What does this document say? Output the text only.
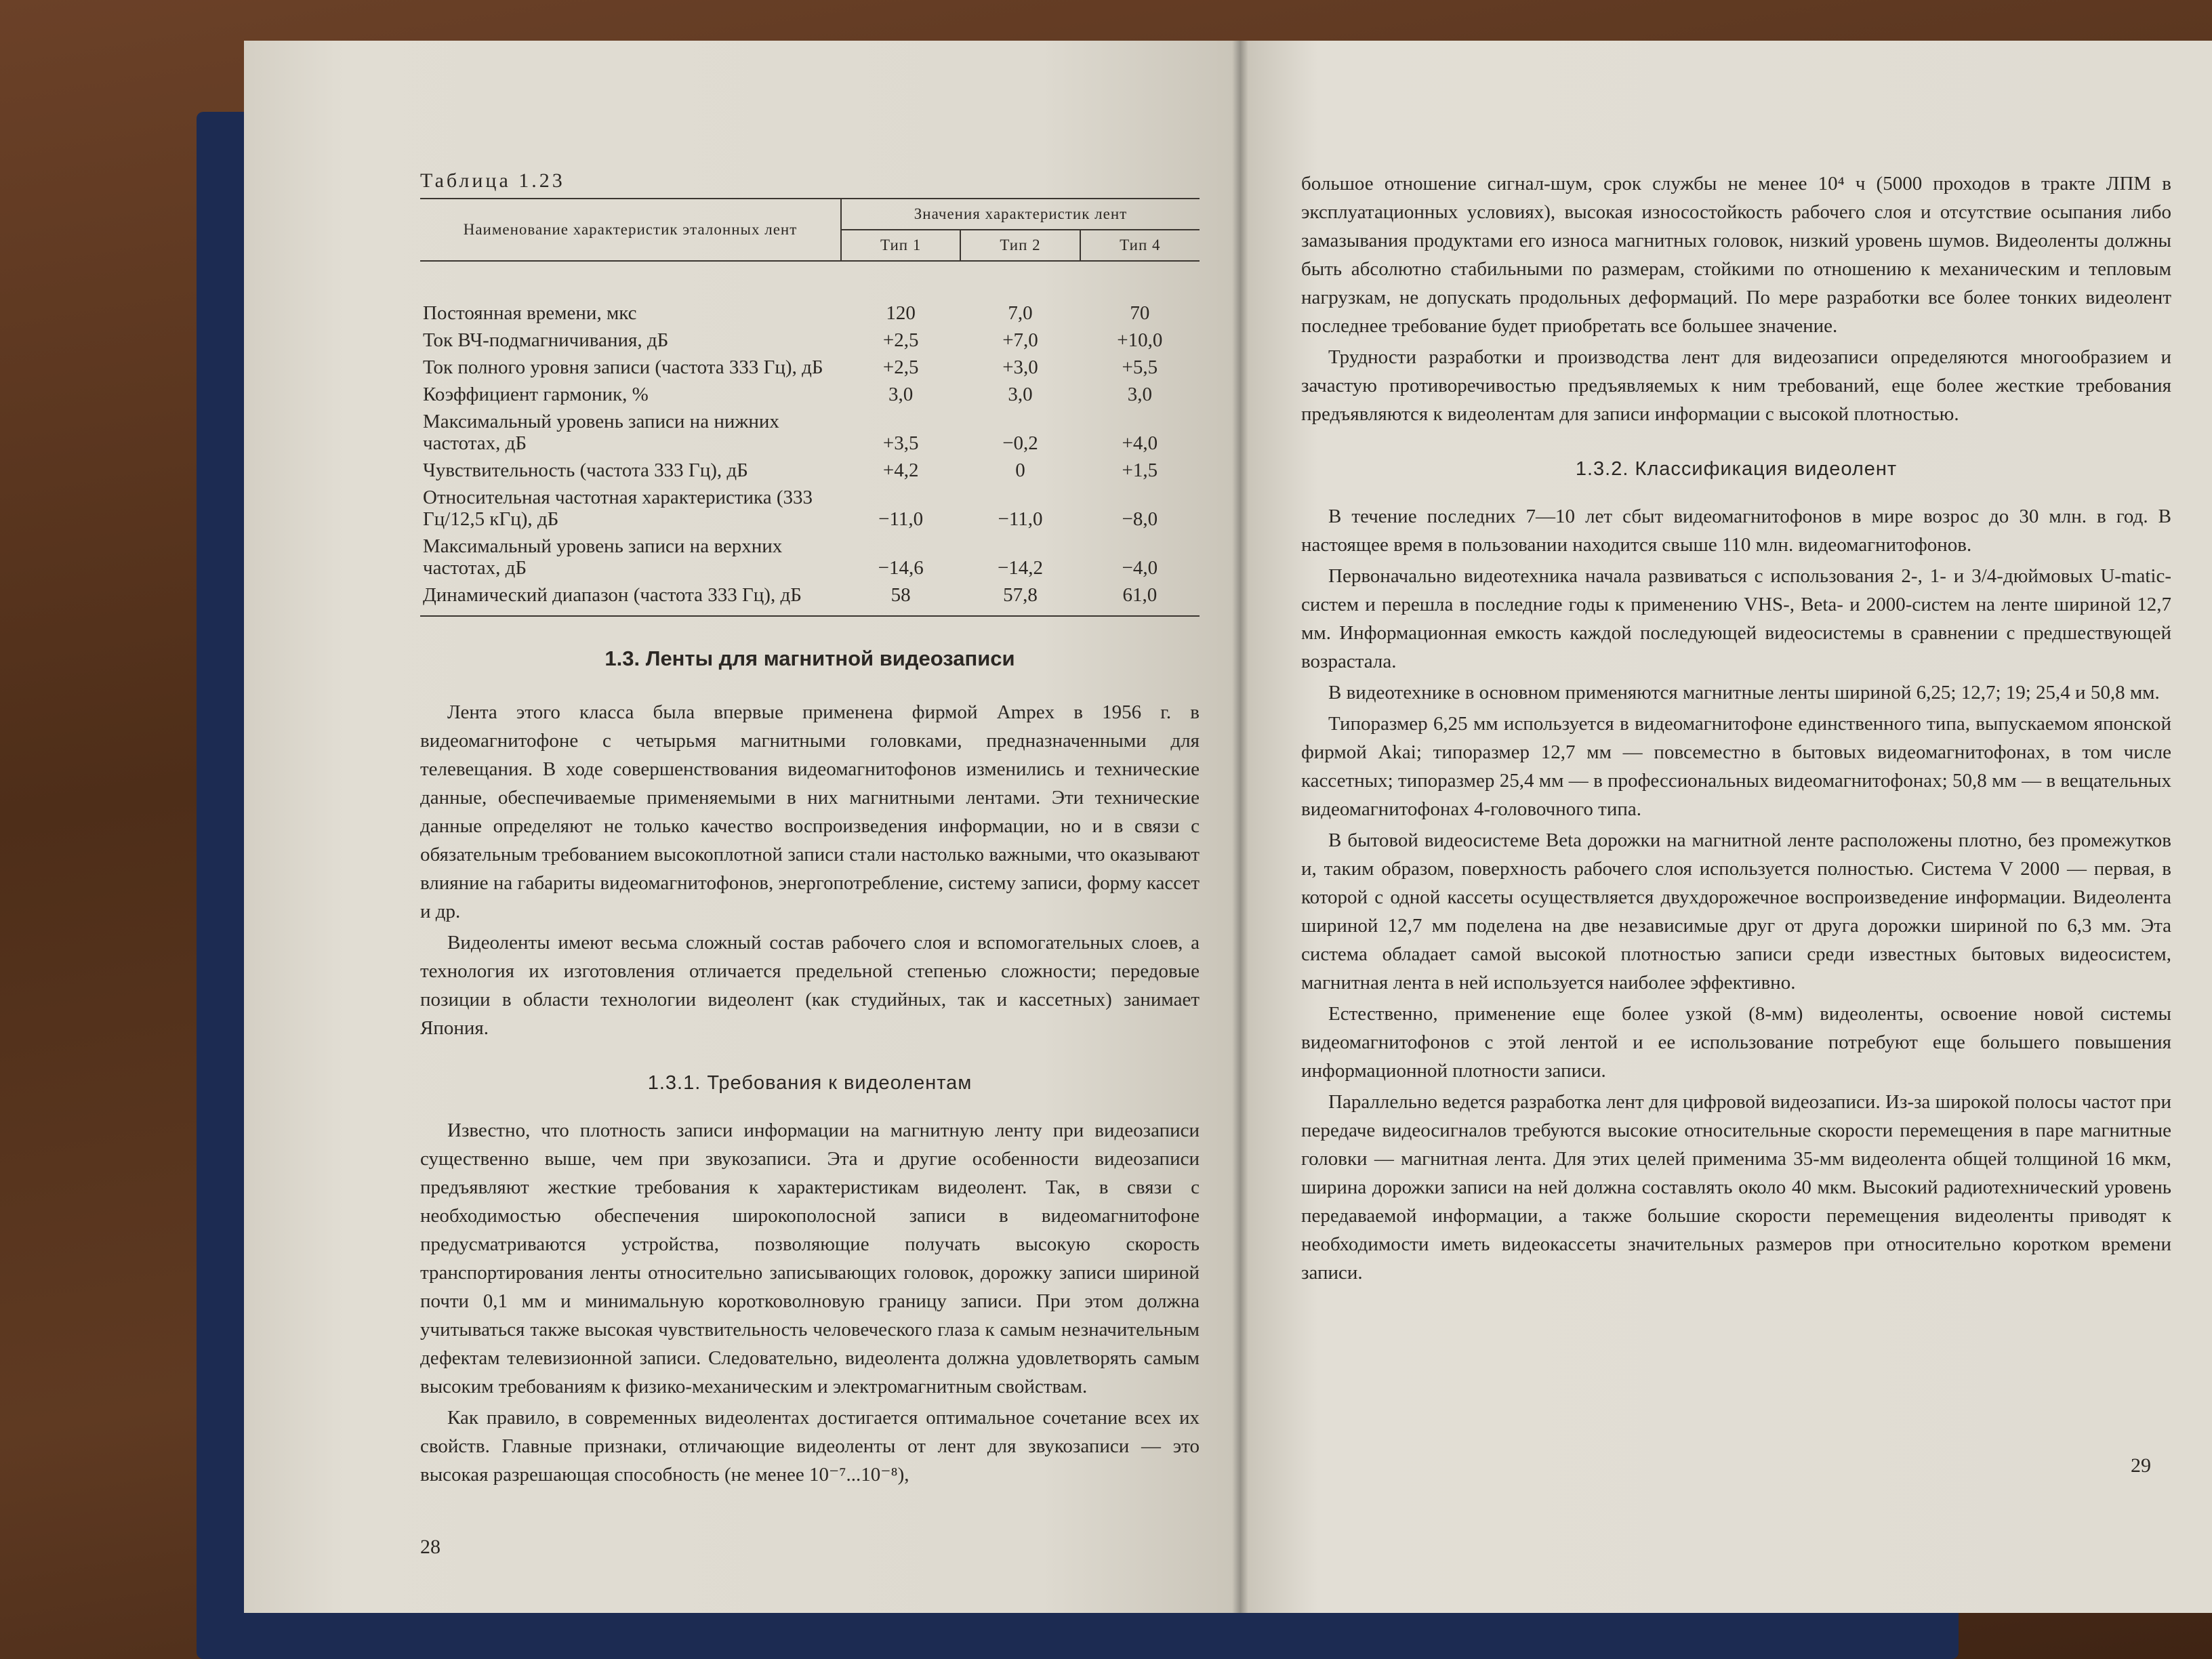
Таблица 1.23
Наименование характеристик эталонных лент	Значения характеристик лент		
	Тип 1	Тип 2	Тип 4
Постоянная времени, мкс	120	7,0	70
Ток ВЧ-подмагничивания, дБ	+2,5	+7,0	+10,0
Ток полного уровня записи (частота 333 Гц), дБ	+2,5	+3,0	+5,5
Коэффициент гармоник, %	3,0	3,0	3,0
Максимальный уровень записи на нижних частотах, дБ	+3,5	−0,2	+4,0
Чувствительность (частота 333 Гц), дБ	+4,2	0	+1,5
Относительная частотная характеристика (333 Гц/12,5 кГц), дБ	−11,0	−11,0	−8,0
Максимальный уровень записи на верхних частотах, дБ	−14,6	−14,2	−4,0
Динамический диапазон (частота 333 Гц), дБ	58	57,8	61,0
1.3. Ленты для магнитной видеозаписи

Лента этого класса была впервые применена фирмой Ampex в 1956 г. в видеомагнитофоне с четырьмя магнитными головками, предназначенными для телевещания. В ходе совершенствования видеомагнитофонов изменились и технические данные, обеспечиваемые применяемыми в них магнитными лентами. Эти технические данные определяют не только качество воспроизведения информации, но и в связи с обязательным требованием высокоплотной записи стали настолько важными, что оказывают влияние на габариты видеомагнитофонов, энергопотребление, систему записи, форму кассет и др.

Видеоленты имеют весьма сложный состав рабочего слоя и вспомогательных слоев, а технология их изготовления отличается предельной степенью сложности; передовые позиции в области технологии видеолент (как студийных, так и кассетных) занимает Япония.

1.3.1. Требования к видеолентам

Известно, что плотность записи информации на магнитную ленту при видеозаписи существенно выше, чем при звукозаписи. Эта и другие особенности видеозаписи предъявляют жесткие требования к характеристикам видеолент. Так, в связи с необходимостью обеспечения широкополосной записи в видеомагнитофоне предусматриваются устройства, позволяющие получать высокую скорость транспортирования ленты относительно записывающих головок, дорожку записи шириной почти 0,1 мм и минимальную коротковолновую границу записи. При этом должна учитываться также высокая чувствительность человеческого глаза к самым незначительным дефектам телевизионной записи. Следовательно, видеолента должна удовлетворять самым высоким требованиям к физико-механическим и электромагнитным свойствам.

Как правило, в современных видеолентах достигается оптимальное сочетание всех их свойств. Главные признаки, отличающие видеоленты от лент для звукозаписи — это высокая разрешающая способность (не менее 10⁻⁷...10⁻⁸),

28

большое отношение сигнал-шум, срок службы не менее 10⁴ ч (5000 проходов в тракте ЛПМ в эксплуатационных условиях), высокая износостойкость рабочего слоя и отсутствие осыпания либо замазывания продуктами его износа магнитных головок, низкий уровень шумов. Видеоленты должны быть абсолютно стабильными по размерам, стойкими по отношению к механическим и тепловым нагрузкам, не допускать продольных деформаций. По мере разработки все более тонких видеолент последнее требование будет приобретать все большее значение.

Трудности разработки и производства лент для видеозаписи определяются многообразием и зачастую противоречивостью предъявляемых к ним требований, еще более жесткие требования предъявляются к видеолентам для записи информации с высокой плотностью.

1.3.2. Классификация видеолент

В течение последних 7—10 лет сбыт видеомагнитофонов в мире возрос до 30 млн. в год. В настоящее время в пользовании находится свыше 110 млн. видеомагнитофонов.

Первоначально видеотехника начала развиваться с использования 2-, 1- и 3/4-дюймовых U-matic-систем и перешла в последние годы к применению VHS-, Beta- и 2000-систем на ленте шириной 12,7 мм. Информационная емкость каждой последующей видеосистемы в сравнении с предшествующей возрастала.

В видеотехнике в основном применяются магнитные ленты шириной 6,25; 12,7; 19; 25,4 и 50,8 мм.

Типоразмер 6,25 мм используется в видеомагнитофоне единственного типа, выпускаемом японской фирмой Akai; типоразмер 12,7 мм — повсеместно в бытовых видеомагнитофонах, в том числе кассетных; типоразмер 25,4 мм — в профессиональных видеомагнитофонах; 50,8 мм — в вещательных видеомагнитофонах 4-головочного типа.

В бытовой видеосистеме Beta дорожки на магнитной ленте расположены плотно, без промежутков и, таким образом, поверхность рабочего слоя используется полностью. Система V 2000 — первая, в которой с одной кассеты осуществляется двухдорожечное воспроизведение информации. Видеолента шириной 12,7 мм поделена на две независимые друг от друга дорожки шириной по 6,3 мм. Эта система обладает самой высокой плотностью записи среди известных бытовых видеосистем, магнитная лента в ней используется наиболее эффективно.

Естественно, применение еще более узкой (8-мм) видеоленты, освоение новой системы видеомагнитофонов с этой лентой и ее использование потребуют еще большего повышения информационной плотности записи.

Параллельно ведется разработка лент для цифровой видеозаписи. Из-за широкой полосы частот при передаче видеосигналов требуются высокие относительные скорости перемещения в паре магнитные головки — магнитная лента. Для этих целей применима 35-мм видеолента общей толщиной 16 мкм, ширина дорожки записи на ней должна составлять около 40 мкм. Высокий радиотехнический уровень передаваемой информации, а также большие скорости перемещения видеоленты приводят к необходимости иметь видеокассеты значительных размеров при относительно коротком времени записи.

29
